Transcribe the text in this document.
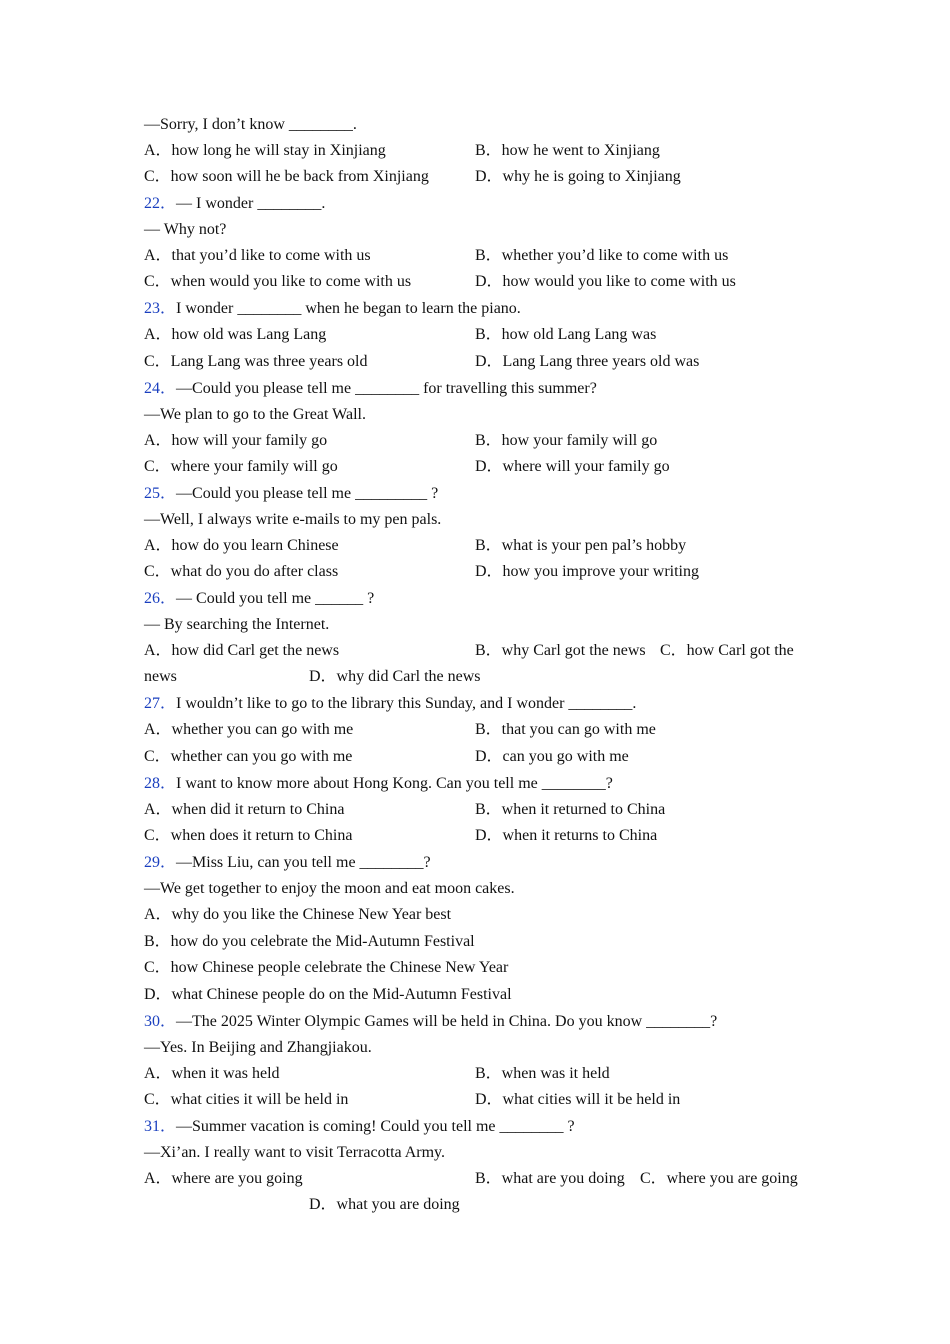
—Sorry, I don’t know ________.
A．how long he will stay in Xinjiang	B．how he went to Xinjiang
C．how soon will he be back from Xinjiang	D．why he is going to Xinjiang
22．— I wonder ________.
— Why not?
A．that you’d like to come with us	B．whether you’d like to come with us
C．when would you like to come with us	D．how would you like to come with us
23．I wonder ________ when he began to learn the piano.
A．how old was Lang Lang	B．how old Lang Lang was
C．Lang Lang was three years old	D．Lang Lang three years old was
24．—Could you please tell me ________ for travelling this summer?
—We plan to go to the Great Wall.
A．how will your family go	B．how your family will go
C．where your family will go	D．where will your family go
25．—Could you please tell me _________ ?
—Well, I always write e-mails to my pen pals.
A．how do you learn Chinese	B．what is your pen pal’s hobby
C．what do you do after class	D．how you improve your writing
26．— Could you tell me ______ ?
— By searching the Internet.
A．how did Carl get the news	B．why Carl got the news C．how Carl got the
news	D．why did Carl the news
27．I wouldn’t like to go to the library this Sunday, and I wonder ________.
A．whether you can go with me	B．that you can go with me
C．whether can you go with me	D．can you go with me
28．I want to know more about Hong Kong. Can you tell me ________?
A．when did it return to China	B．when it returned to China
C．when does it return to China	D．when it returns to China
29．—Miss Liu, can you tell me ________?
—We get together to enjoy the moon and eat moon cakes.
A．why do you like the Chinese New Year best
B．how do you celebrate the Mid-Autumn Festival
C．how Chinese people celebrate the Chinese New Year
D．what Chinese people do on the Mid-Autumn Festival
30．—The 2025 Winter Olympic Games will be held in China. Do you know ________?
—Yes. In Beijing and Zhangjiakou.
A．when it was held	B．when was it held
C．what cities it will be held in	D．what cities will it be held in
31．—Summer vacation is coming! Could you tell me ________ ?
—Xi’an. I really want to visit Terracotta Army.
A．where are you going	B．what are you doing C．where you are going
D．what you are doing
